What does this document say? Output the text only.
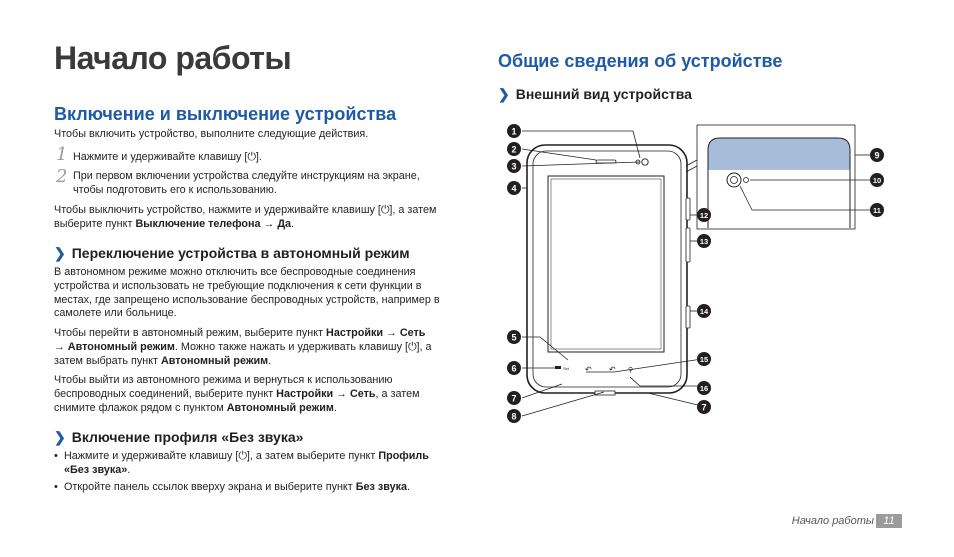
Начало работы
Включение и выключение устройства
Чтобы включить устройство, выполните следующие действия.
1 Нажмите и удерживайте клавишу [⏻].
2 При первом включении устройства следуйте инструкциям на экране,
чтобы подготовить его к использованию.
Чтобы выключить устройство, нажмите и удерживайте клавишу [⏻], а затем
выберите пункт Выключение телефона → Да.
❯ Переключение устройства в автономный режим
В автономном режиме можно отключить все беспроводные соединения
устройства и использовать не требующие подключения к сети функции в
местах, где запрещено использование беспроводных устройств, например в
самолете или больнице.
Чтобы перейти в автономный режим, выберите пункт Настройки → Сеть
→ Автономный режим. Можно также нажать и удерживать клавишу [⏻], а
затем выбрать пункт Автономный режим.
Чтобы выйти из автономного режима и вернуться к использованию
беспроводных соединений, выберите пункт Настройки → Сеть, а затем
снимите флажок рядом с пунктом Автономный режим.
❯ Включение профиля «Без звука»
• Нажмите и удерживайте клавишу [⏻], а затем выберите пункт Профиль
«Без звука».
• Откройте панель ссылок вверху экрана и выберите пункт Без звука.
Общие сведения об устройстве
❯ Внешний вид устройства
Set ↶ ↶ ⚲
1
2
3
4
5
6
7
8
9
10
11
12
13
14
15
16
7
Начало работы 11
